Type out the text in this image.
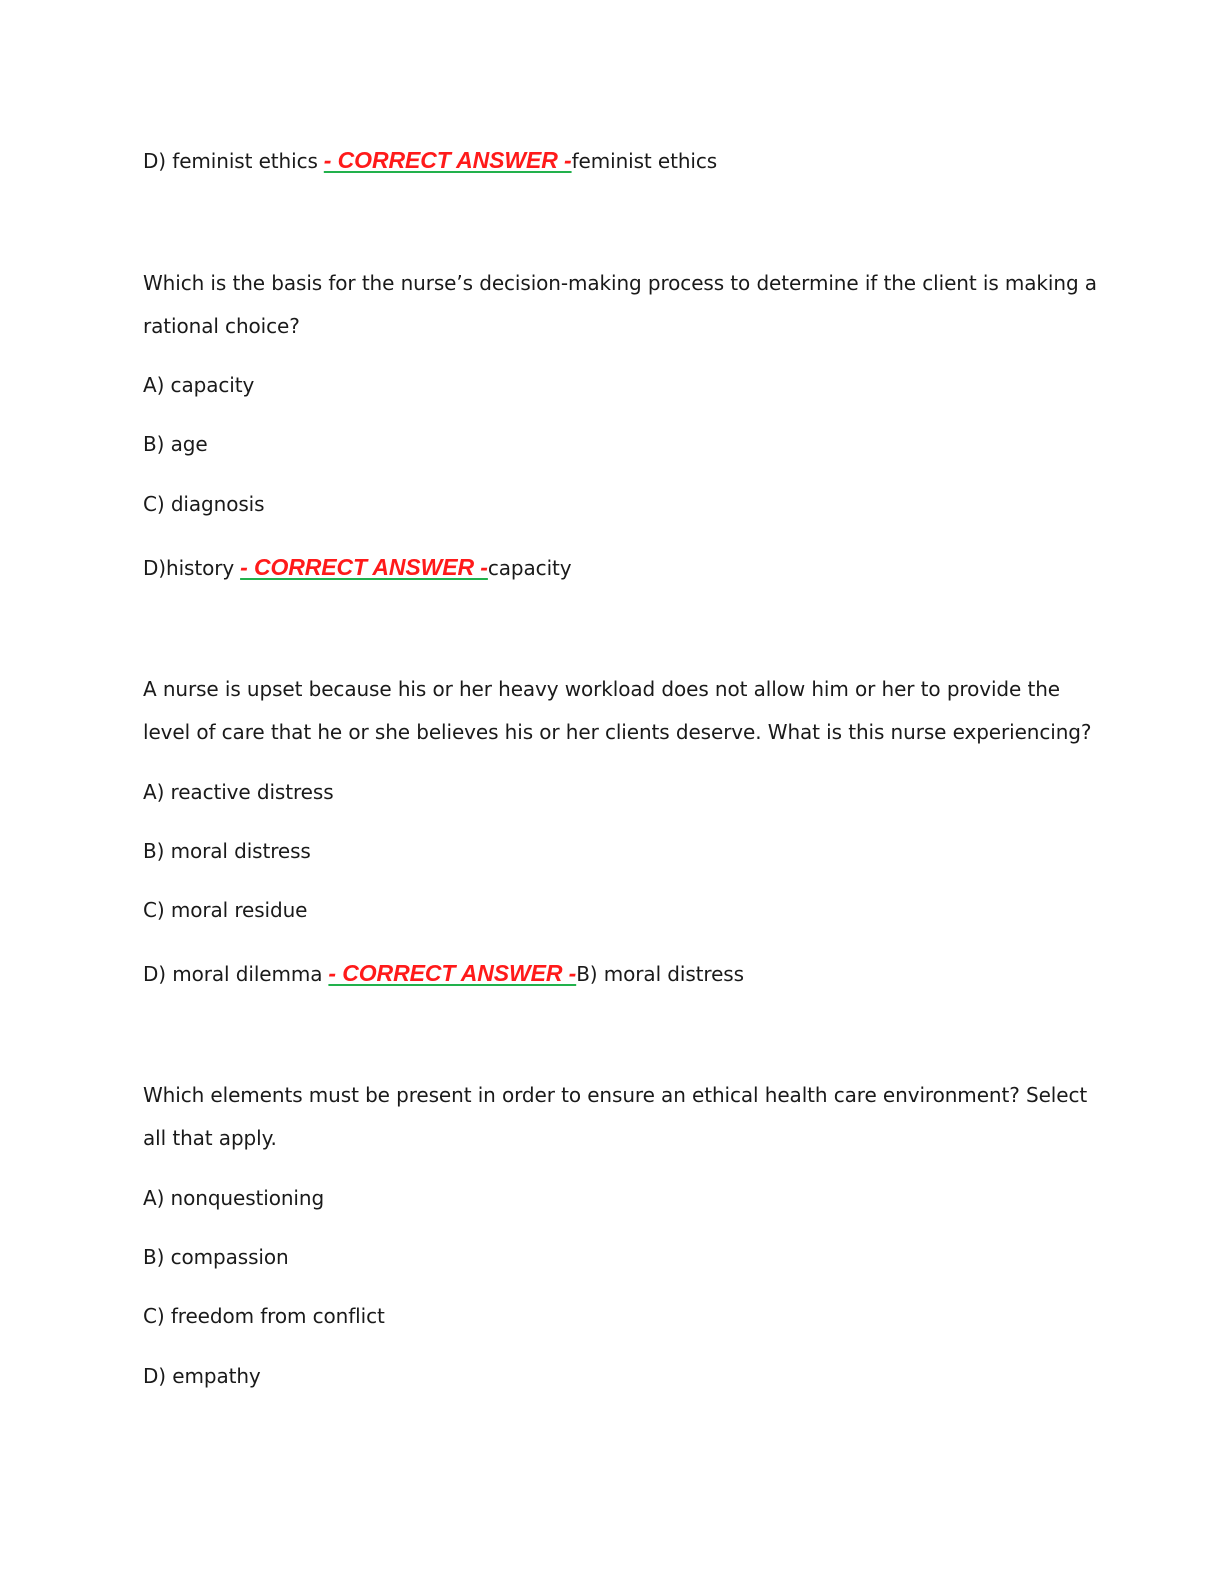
D) feminist ethics - CORRECT ANSWER -feminist ethics
Which is the basis for the nurse’s decision-making process to determine if the client is making a
rational choice?
A) capacity
B) age
C) diagnosis
D)history - CORRECT ANSWER -capacity
A nurse is upset because his or her heavy workload does not allow him or her to provide the
level of care that he or she believes his or her clients deserve. What is this nurse experiencing?
A) reactive distress
B) moral distress
C) moral residue
D) moral dilemma - CORRECT ANSWER -B) moral distress
Which elements must be present in order to ensure an ethical health care environment? Select
all that apply.
A) nonquestioning
B) compassion
C) freedom from conflict
D) empathy
